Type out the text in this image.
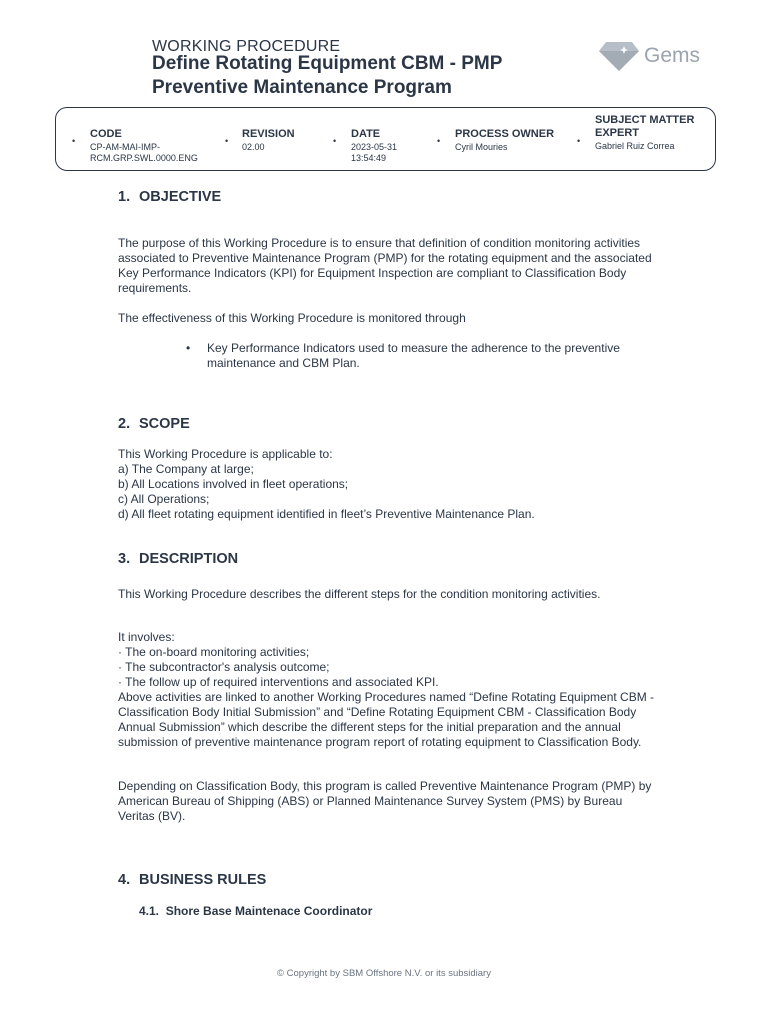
WORKING PROCEDURE
Define Rotating Equipment CBM - PMP Preventive Maintenance Program
Gems
•
CODE
CP-AM-MAI-IMP-RCM.GRP.SWL.0000.ENG
•
REVISION
02.00
•
DATE
2023-05-31 13:54:49
•
PROCESS OWNER
Cyril Mouries
•
SUBJECT MATTER EXPERT
Gabriel Ruiz Correa
1. OBJECTIVE
The purpose of this Working Procedure is to ensure that definition of condition monitoring activities associated to Preventive Maintenance Program (PMP) for the rotating equipment and the associated Key Performance Indicators (KPI) for Equipment Inspection are compliant to Classification Body requirements.
The effectiveness of this Working Procedure is monitored through
• Key Performance Indicators used to measure the adherence to the preventive maintenance and CBM Plan.
2. SCOPE
This Working Procedure is applicable to:
a) The Company at large;
b) All Locations involved in fleet operations;
c) All Operations;
d) All fleet rotating equipment identified in fleet’s Preventive Maintenance Plan.
3. DESCRIPTION
This Working Procedure describes the different steps for the condition monitoring activities.
It involves:
· The on-board monitoring activities;
· The subcontractor's analysis outcome;
· The follow up of required interventions and associated KPI.
Above activities are linked to another Working Procedures named “Define Rotating Equipment CBM - Classification Body Initial Submission” and “Define Rotating Equipment CBM - Classification Body Annual Submission” which describe the different steps for the initial preparation and the annual submission of preventive maintenance program report of rotating equipment to Classification Body.
Depending on Classification Body, this program is called Preventive Maintenance Program (PMP) by American Bureau of Shipping (ABS) or Planned Maintenance Survey System (PMS) by Bureau Veritas (BV).
4. BUSINESS RULES
4.1. Shore Base Maintenace Coordinator
© Copyright by SBM Offshore N.V. or its subsidiary
